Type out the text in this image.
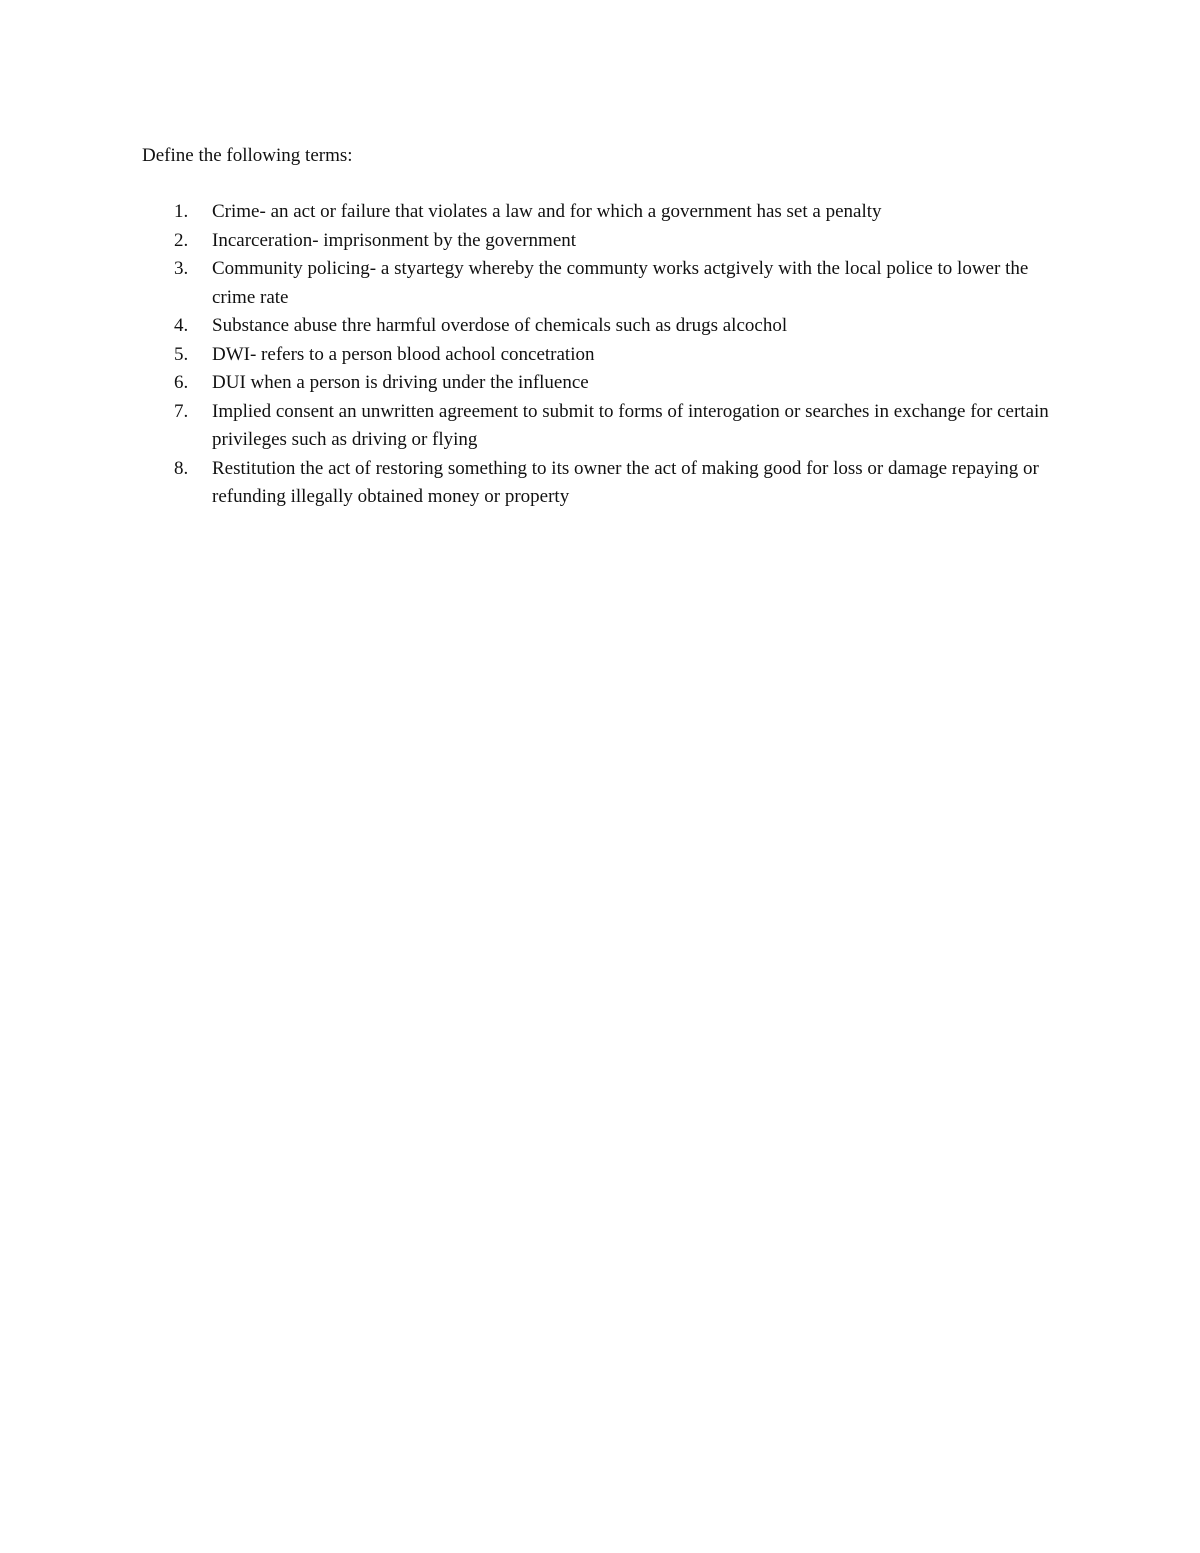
Define the following terms:
1. Crime- an act or failure that violates a law and for which a government has set a penalty
2. Incarceration- imprisonment by the government
3. Community policing- a styartegy whereby the communty works actgively with the local police to lower the crime rate
4. Substance abuse thre harmful overdose of chemicals such as drugs alcochol
5. DWI- refers to a person blood achool concetration
6. DUI when a person is driving under the influence
7. Implied consent an unwritten agreement to submit to forms of interogation or searches in exchange for certain privileges such as driving or flying
8. Restitution the act of restoring something to its owner the act of making good for loss or damage repaying or refunding illegally obtained money or property
